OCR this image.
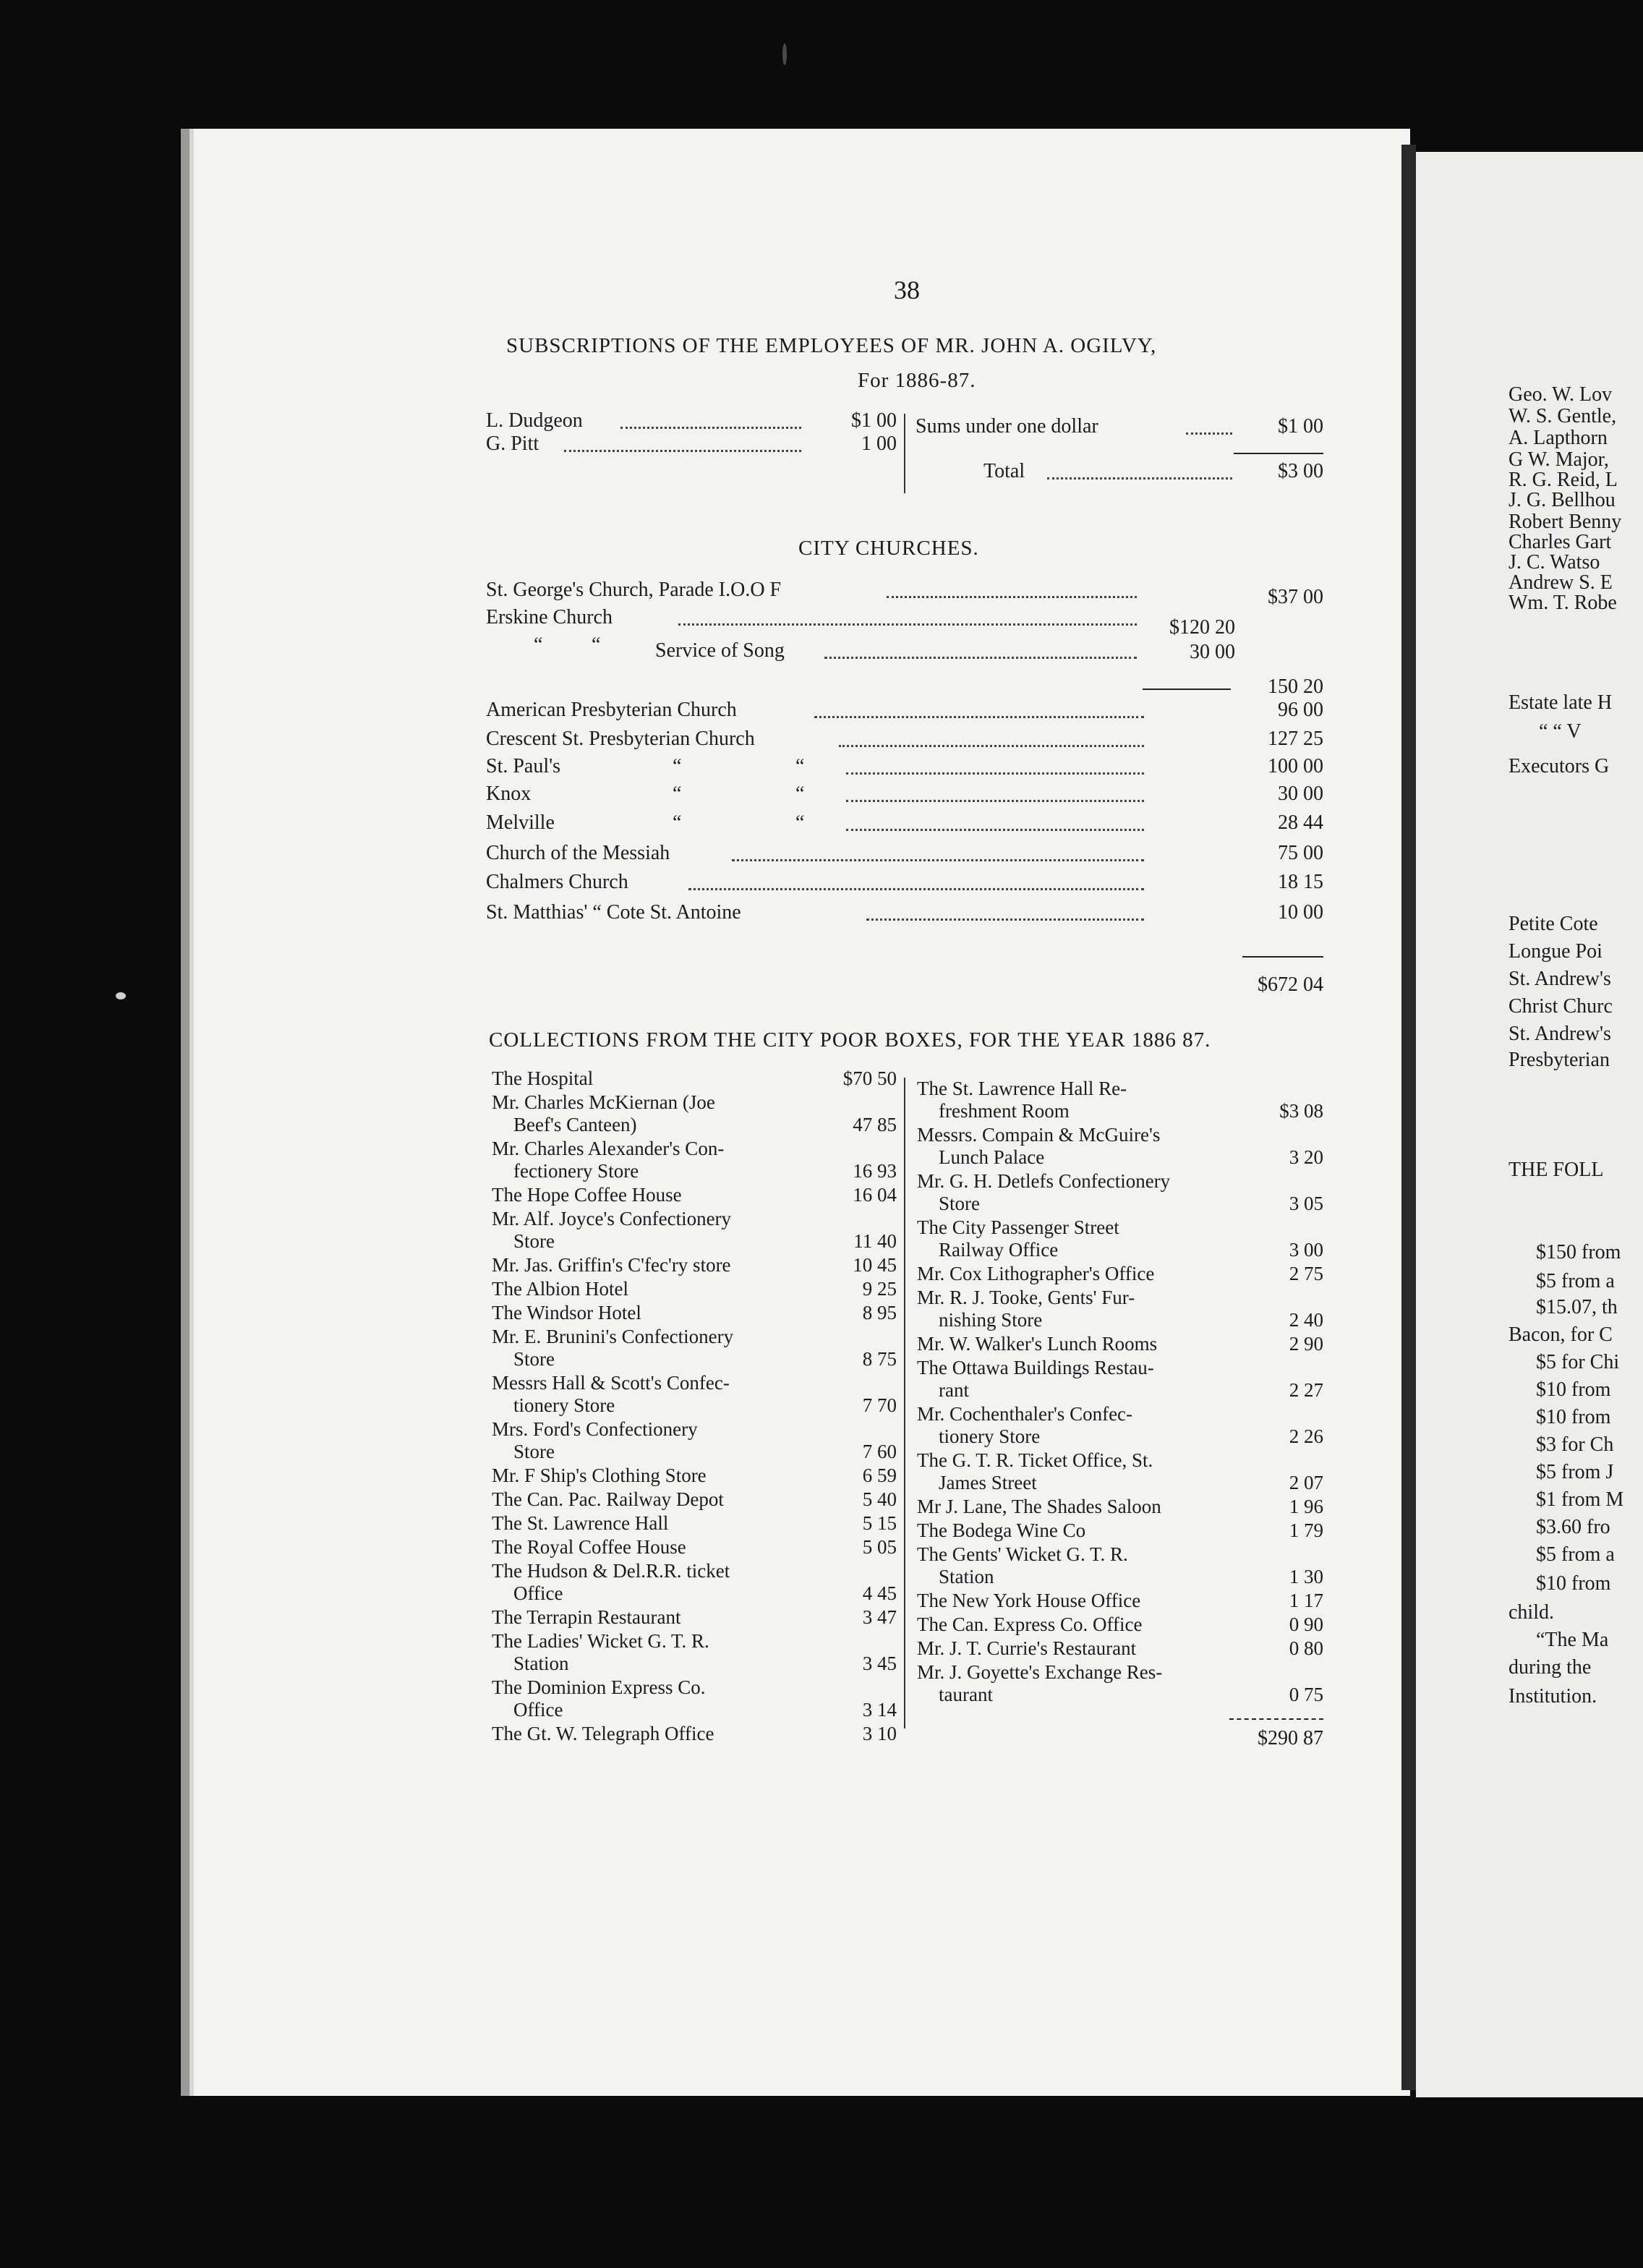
38
SUBSCRIPTIONS OF THE EMPLOYEES OF MR. JOHN A. OGILVY,
For 1886-87.
L. Dudgeon	$1 00
G. Pitt	1 00
Sums under one dollar	$1 00
Total	$3 00
CITY CHURCHES.
St. George's Church, Parade I.O.O F	$37 00
Erskine Church	$120 20
“ “	Service of Song	30 00
150 20
American Presbyterian Church	96 00
Crescent St. Presbyterian Church	127 25
St. Paul's	“	“	100 00
Knox	“	“	30 00
Melville	“	“	28 44
Church of the Messiah	75 00
Chalmers Church	18 15
St. Matthias' “ Cote St. Antoine	10 00
$672 04
COLLECTIONS FROM THE CITY POOR BOXES, FOR THE YEAR 1886 87.
The Hospital	$70 50
Mr. Charles McKiernan (Joe
Beef's Canteen)	47 85
Mr. Charles Alexander's Con-
fectionery Store	16 93
The Hope Coffee House	16 04
Mr. Alf. Joyce's Confectionery
Store	11 40
Mr. Jas. Griffin's C'fec'ry store	10 45
The Albion Hotel	9 25
The Windsor Hotel	8 95
Mr. E. Brunini's Confectionery
Store	8 75
Messrs Hall & Scott's Confec-
tionery Store	7 70
Mrs. Ford's Confectionery
Store	7 60
Mr. F Ship's Clothing Store	6 59
The Can. Pac. Railway Depot	5 40
The St. Lawrence Hall	5 15
The Royal Coffee House	5 05
The Hudson & Del.R.R. ticket
Office	4 45
The Terrapin Restaurant	3 47
The Ladies' Wicket G. T. R.
Station	3 45
The Dominion Express Co.
Office	3 14
The Gt. W. Telegraph Office	3 10
The St. Lawrence Hall Re-
freshment Room	$3 08
Messrs. Compain & McGuire's
Lunch Palace	3 20
Mr. G. H. Detlefs Confectionery
Store	3 05
The City Passenger Street
Railway Office	3 00
Mr. Cox Lithographer's Office	2 75
Mr. R. J. Tooke, Gents' Fur-
nishing Store	2 40
Mr. W. Walker's Lunch Rooms	2 90
The Ottawa Buildings Restau-
rant	2 27
Mr. Cochenthaler's Confec-
tionery Store	2 26
The G. T. R. Ticket Office, St.
James Street	2 07
Mr J. Lane, The Shades Saloon	1 96
The Bodega Wine Co	1 79
The Gents' Wicket G. T. R.
Station	1 30
The New York House Office	1 17
The Can. Express Co. Office	0 90
Mr. J. T. Currie's Restaurant	0 80
Mr. J. Goyette's Exchange Res-
taurant	0 75
$290 87
Geo. W. Lov
W. S. Gentle,
A. Lapthorn
G W. Major,
R. G. Reid, L
J. G. Bellhou
Robert Benny
Charles Gart
J. C. Watso
Andrew S. E
Wm. T. Robe
Estate late H
“ “ V
Executors G
Petite Cote
Longue Poi
St. Andrew's
Christ Churc
St. Andrew's
Presbyterian
THE FOLL
$150 from
$5 from a
$15.07, th
Bacon, for C
$5 for Chi
$10 from
$10 from
$3 for Ch
$5 from J
$1 from M
$3.60 fro
$5 from a
$10 from
child.
“The Ma
during the
Institution.
